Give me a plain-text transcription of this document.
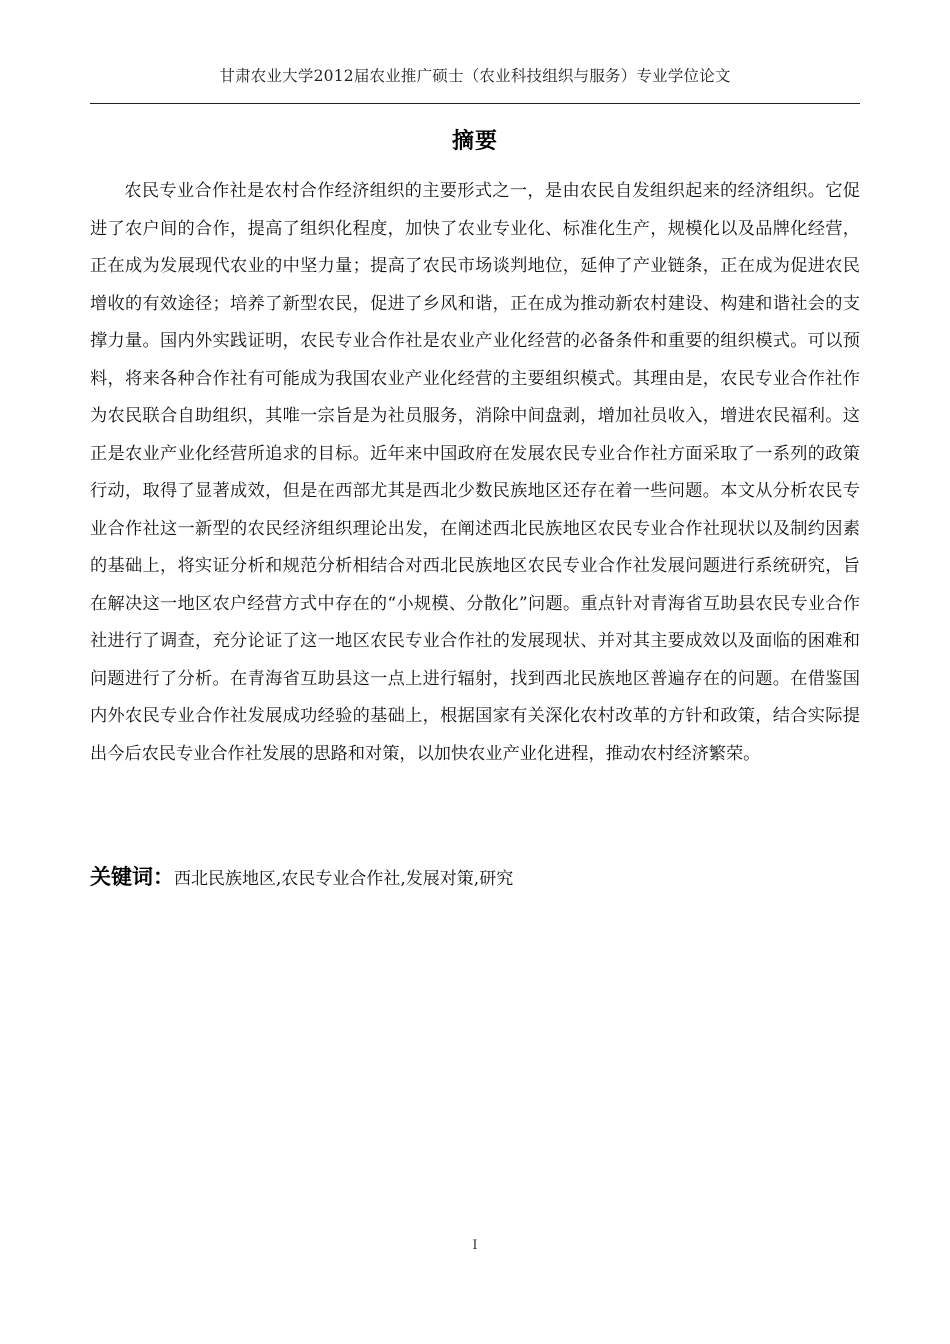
甘肃农业大学2012届农业推广硕士（农业科技组织与服务）专业学位论文
摘要

农民专业合作社是农村合作经济组织的主要形式之一，是由农民自发组织起来的经济组织。它促进了农户间的合作，提高了组织化程度，加快了农业专业化、标准化生产，规模化以及品牌化经营，正在成为发展现代农业的中坚力量；提高了农民市场谈判地位，延伸了产业链条，正在成为促进农民增收的有效途径；培养了新型农民，促进了乡风和谐，正在成为推动新农村建设、构建和谐社会的支撑力量。国内外实践证明，农民专业合作社是农业产业化经营的必备条件和重要的组织模式。可以预料，将来各种合作社有可能成为我国农业产业化经营的主要组织模式。其理由是，农民专业合作社作为农民联合自助组织，其唯一宗旨是为社员服务，消除中间盘剥，增加社员收入，增进农民福利。这正是农业产业化经营所追求的目标。近年来中国政府在发展农民专业合作社方面采取了一系列的政策行动，取得了显著成效，但是在西部尤其是西北少数民族地区还存在着一些问题。本文从分析农民专业合作社这一新型的农民经济组织理论出发，在阐述西北民族地区农民专业合作社现状以及制约因素的基础上，将实证分析和规范分析相结合对西北民族地区农民专业合作社发展问题进行系统研究，旨在解决这一地区农户经营方式中存在的“小规模、分散化”问题。重点针对青海省互助县农民专业合作社进行了调查，充分论证了这一地区农民专业合作社的发展现状、并对其主要成效以及面临的困难和问题进行了分析。在青海省互助县这一点上进行辐射，找到西北民族地区普遍存在的问题。在借鉴国内外农民专业合作社发展成功经验的基础上，根据国家有关深化农村改革的方针和政策，结合实际提出今后农民专业合作社发展的思路和对策，以加快农业产业化进程，推动农村经济繁荣。

关键词：西北民族地区,农民专业合作社,发展对策,研究
I
